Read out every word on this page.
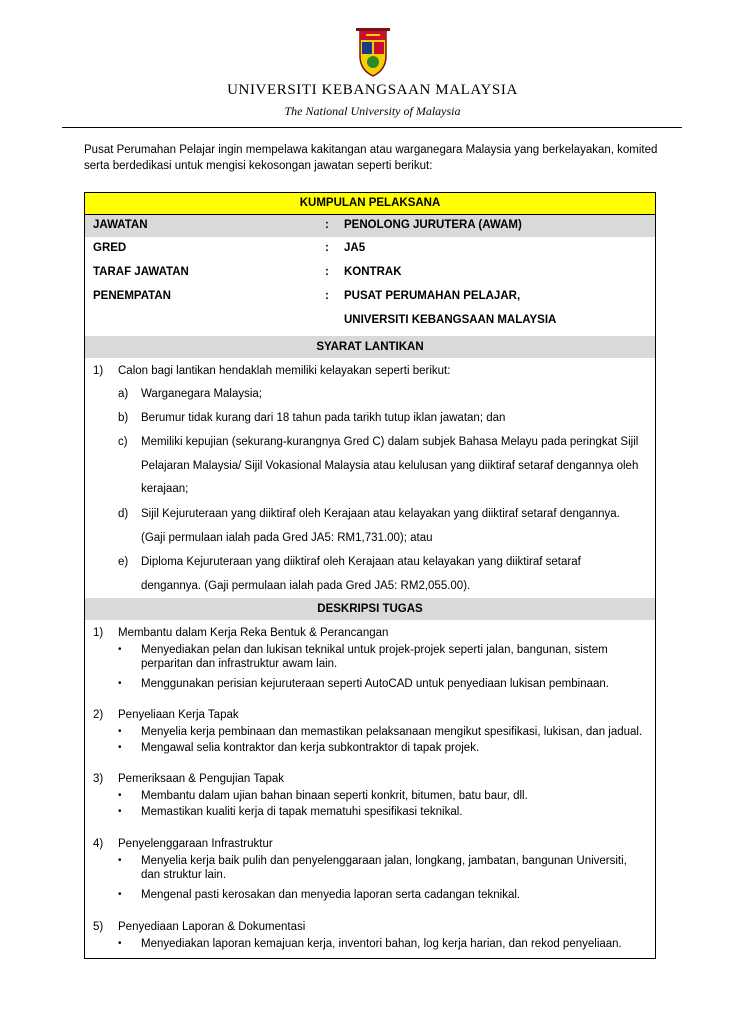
UNIVERSITI KEBANGSAAN MALAYSIA
The National University of Malaysia
Pusat Perumahan Pelajar ingin mempelawa kakitangan atau warganegara Malaysia yang berkelayakan, komited serta berdedikasi untuk mengisi kekosongan jawatan seperti berikut:
KUMPULAN PELAKSANA
JAWATAN	: PENOLONG JURUTERA (AWAM)
GRED	: JA5
TARAF JAWATAN	: KONTRAK
PENEMPATAN	: PUSAT PERUMAHAN PELAJAR,
UNIVERSITI KEBANGSAAN MALAYSIA
SYARAT LANTIKAN
1) Calon bagi lantikan hendaklah memiliki kelayakan seperti berikut:
a) Warganegara Malaysia;
b) Berumur tidak kurang dari 18 tahun pada tarikh tutup iklan jawatan; dan
c) Memiliki kepujian (sekurang-kurangnya Gred C) dalam subjek Bahasa Melayu pada peringkat Sijil Pelajaran Malaysia/ Sijil Vokasional Malaysia atau kelulusan yang diiktiraf setaraf dengannya oleh kerajaan;
d) Sijil Kejuruteraan yang diiktiraf oleh Kerajaan atau kelayakan yang diiktiraf setaraf dengannya. (Gaji permulaan ialah pada Gred JA5: RM1,731.00); atau
e) Diploma Kejuruteraan yang diiktiraf oleh Kerajaan atau kelayakan yang diiktiraf setaraf dengannya. (Gaji permulaan ialah pada Gred JA5: RM2,055.00).
DESKRIPSI TUGAS
1) Membantu dalam Kerja Reka Bentuk & Perancangan
• Menyediakan pelan dan lukisan teknikal untuk projek-projek seperti jalan, bangunan, sistem perparitan dan infrastruktur awam lain.
• Menggunakan perisian kejuruteraan seperti AutoCAD untuk penyediaan lukisan pembinaan.
2) Penyeliaan Kerja Tapak
• Menyelia kerja pembinaan dan memastikan pelaksanaan mengikut spesifikasi, lukisan, dan jadual.
• Mengawal selia kontraktor dan kerja subkontraktor di tapak projek.
3) Pemeriksaan & Pengujian Tapak
• Membantu dalam ujian bahan binaan seperti konkrit, bitumen, batu baur, dll.
• Memastikan kualiti kerja di tapak mematuhi spesifikasi teknikal.
4) Penyelenggaraan Infrastruktur
• Menyelia kerja baik pulih dan penyelenggaraan jalan, longkang, jambatan, bangunan Universiti, dan struktur lain.
• Mengenal pasti kerosakan dan menyedia laporan serta cadangan teknikal.
5) Penyediaan Laporan & Dokumentasi
• Menyediakan laporan kemajuan kerja, inventori bahan, log kerja harian, dan rekod penyeliaan.
